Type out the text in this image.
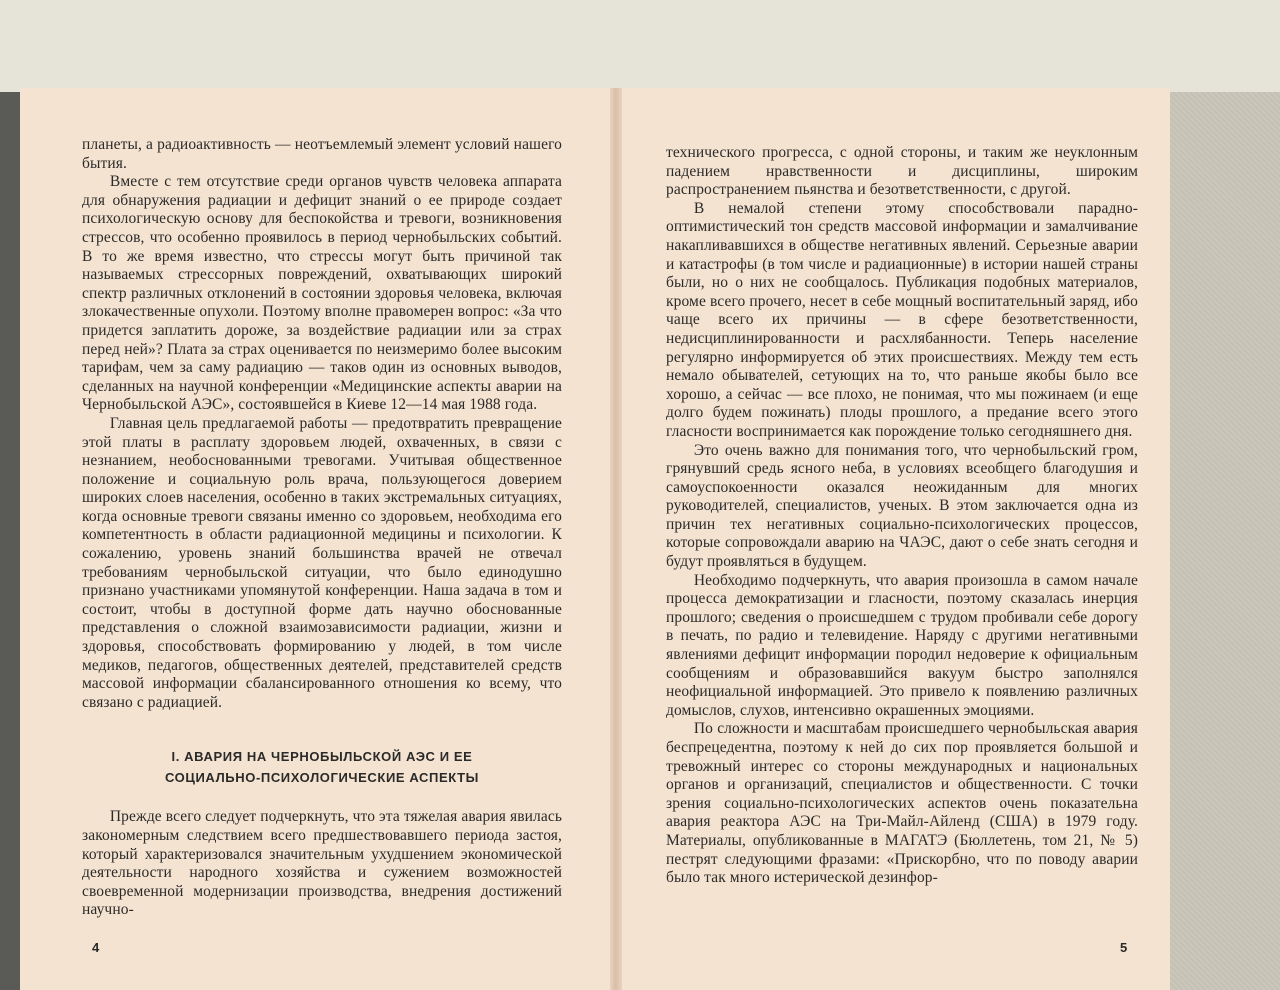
планеты, а радиоактивность — неотъемлемый элемент условий нашего бытия.

Вместе с тем отсутствие среди органов чувств человека аппарата для обнаружения радиации и дефицит знаний о ее природе создает психологическую основу для беспокойства и тревоги, возникновения стрессов, что особенно проявилось в период чернобыльских событий. В то же время известно, что стрессы могут быть причиной так называемых стрессорных повреждений, охватывающих широкий спектр различных отклонений в состоянии здоровья человека, включая злокачественные опухоли. Поэтому вполне правомерен вопрос: «За что придется заплатить дороже, за воздействие радиации или за страх перед ней»? Плата за страх оценивается по неизмеримо более высоким тарифам, чем за саму радиацию — таков один из основных выводов, сделанных на научной конференции «Медицинские аспекты аварии на Чернобыльской АЭС», состоявшейся в Киеве 12—14 мая 1988 года.

Главная цель предлагаемой работы — предотвратить превращение этой платы в расплату здоровьем людей, охваченных, в связи с незнанием, необоснованными тревогами. Учитывая общественное положение и социальную роль врача, пользующегося доверием широких слоев населения, особенно в таких экстремальных ситуациях, когда основные тревоги связаны именно со здоровьем, необходима его компетентность в области радиационной медицины и психологии. К сожалению, уровень знаний большинства врачей не отвечал требованиям чернобыльской ситуации, что было единодушно признано участниками упомянутой конференции. Наша задача в том и состоит, чтобы в доступной форме дать научно обоснованные представления о сложной взаимозависимости радиации, жизни и здоровья, способствовать формированию у людей, в том числе медиков, педагогов, общественных деятелей, представителей средств массовой информации сбалансированного отношения ко всему, что связано с радиацией.

I. АВАРИЯ НА ЧЕРНОБЫЛЬСКОЙ АЭС И ЕЕ
СОЦИАЛЬНО-ПСИХОЛОГИЧЕСКИЕ АСПЕКТЫ

Прежде всего следует подчеркнуть, что эта тяжелая авария явилась закономерным следствием всего предшествовавшего периода застоя, который характеризовался значительным ухудшением экономической деятельности народного хозяйства и сужением возможностей своевременной модернизации производства, внедрения достижений научно-

4

технического прогресса, с одной стороны, и таким же неуклонным падением нравственности и дисциплины, широким распространением пьянства и безответственности, с другой.

В немалой степени этому способствовали парадно-оптимистический тон средств массовой информации и замалчивание накапливавшихся в обществе негативных явлений. Серьезные аварии и катастрофы (в том числе и радиационные) в истории нашей страны были, но о них не сообщалось. Публикация подобных материалов, кроме всего прочего, несет в себе мощный воспитательный заряд, ибо чаще всего их причины — в сфере безответственности, недисциплинированности и расхлябанности. Теперь население регулярно информируется об этих происшествиях. Между тем есть немало обывателей, сетующих на то, что раньше якобы было все хорошо, а сейчас — все плохо, не понимая, что мы пожинаем (и еще долго будем пожинать) плоды прошлого, а предание всего этого гласности воспринимается как порождение только сегодняшнего дня.

Это очень важно для понимания того, что чернобыльский гром, грянувший средь ясного неба, в условиях всеобщего благодушия и самоуспокоенности оказался неожиданным для многих руководителей, специалистов, ученых. В этом заключается одна из причин тех негативных социально-психологических процессов, которые сопровождали аварию на ЧАЭС, дают о себе знать сегодня и будут проявляться в будущем.

Необходимо подчеркнуть, что авария произошла в самом начале процесса демократизации и гласности, поэтому сказалась инерция прошлого; сведения о происшедшем с трудом пробивали себе дорогу в печать, по радио и телевидение. Наряду с другими негативными явлениями дефицит информации породил недоверие к официальным сообщениям и образовавшийся вакуум быстро заполнялся неофициальной информацией. Это привело к появлению различных домыслов, слухов, интенсивно окрашенных эмоциями.

По сложности и масштабам происшедшего чернобыльская авария беспрецедентна, поэтому к ней до сих пор проявляется большой и тревожный интерес со стороны международных и национальных органов и организаций, специалистов и общественности. С точки зрения социально-психологических аспектов очень показательна авария реактора АЭС на Три-Майл-Айленд (США) в 1979 году. Материалы, опубликованные в МАГАТЭ (Бюллетень, том 21, № 5) пестрят следующими фразами: «Прискорбно, что по поводу аварии было так много истерической дезинфор-

5
